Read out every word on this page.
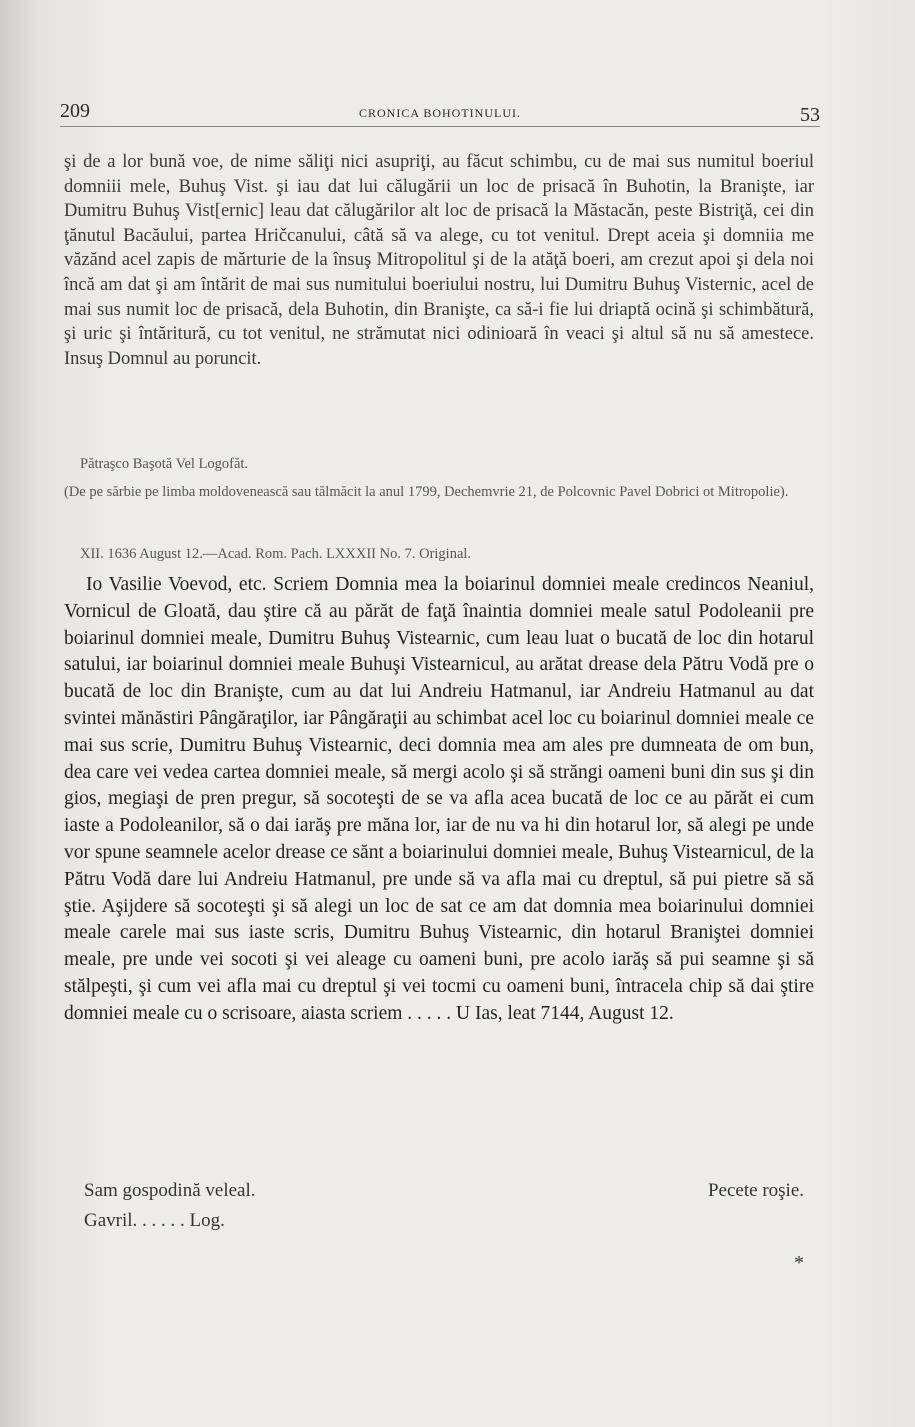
209	CRONICA BOHOTINULUI.	53

şi de a lor bună voe, de nime săliţi nici asupriţi, au făcut schimbu, cu de mai sus numitul boeriul domniii mele, Buhuş Vist. şi iau dat lui călugării un loc de prisacă în Buhotin, la Branişte, iar Dumitru Buhuş Vist[ernic] leau dat călugărilor alt loc de prisacă la Măstacăn, peste Bistriţă, cei din ţănutul Bacăului, partea Hričcanului, câtă să va alege, cu tot venitul. Drept aceia şi domniia me văzănd acel zapis de mărturie de la însuş Mitropolitul şi de la atăţă boeri, am crezut apoi şi dela noi încă am dat şi am întărit de mai sus numitului boeriului nostru, lui Dumitru Buhuş Visternic, acel de mai sus numit loc de prisacă, dela Buhotin, din Branişte, ca să-i fie lui driaptă ocină şi schimbătură, şi uric şi întăritură, cu tot venitul, ne strămutat nici odinioară în veaci şi altul să nu să amestece. Insuş Domnul au poruncit.

Pătraşco Başotă Vel Logofăt.

(De pe sărbie pe limba moldovenească sau tălmăcit la anul 1799, Dechemvrie 21, de Polcovnic Pavel Dobrici ot Mitropolie).

XII. 1636 August 12.—Acad. Rom. Pach. LXXXII No. 7. Original.

Io Vasilie Voevod, etc. Scriem Domnia mea la boiarinul domniei meale credincos Neaniul, Vornicul de Gloată, dau ştire că au părăt de faţă înaintia domniei meale satul Podoleanii pre boiarinul domniei meale, Dumitru Buhuş Vistearnic, cum leau luat o bucată de loc din hotarul satului, iar boiarinul domniei meale Buhuşi Vistearnicul, au arătat drease dela Pătru Vodă pre o bucată de loc din Branişte, cum au dat lui Andreiu Hatmanul, iar Andreiu Hatmanul au dat svintei mănăstiri Pângăraţilor, iar Pângăraţii au schimbat acel loc cu boiarinul domniei meale ce mai sus scrie, Dumitru Buhuş Vistearnic, deci domnia mea am ales pre dumneata de om bun, dea care vei vedea cartea domniei meale, să mergi acolo şi să străngi oameni buni din sus şi din gios, megiaşi de pren pregur, să socoteşti de se va afla acea bucată de loc ce au părăt ei cum iaste a Podoleanilor, să o dai iarăş pre măna lor, iar de nu va hi din hotarul lor, să alegi pe unde vor spune seamnele acelor drease ce sănt a boiarinului domniei meale, Buhuş Vistearnicul, de la Pătru Vodă dare lui Andreiu Hatmanul, pre unde să va afla mai cu dreptul, să pui pietre să să ştie. Aşijdere să socoteşti şi să alegi un loc de sat ce am dat domnia mea boiarinului domniei meale carele mai sus iaste scris, Dumitru Buhuş Vistearnic, din hotarul Braniştei domniei meale, pre unde vei socoti şi vei aleage cu oameni buni, pre acolo iarăş să pui seamne şi să stălpeşti, şi cum vei afla mai cu dreptul şi vei tocmi cu oameni buni, întracela chip să dai ştire domniei meale cu o scrisoare, aiasta scriem . . . . . U Ias, leat 7144, August 12.

Sam gospodină veleal.	Pecete roşie.
Gavril. . . . . . Log.
*
